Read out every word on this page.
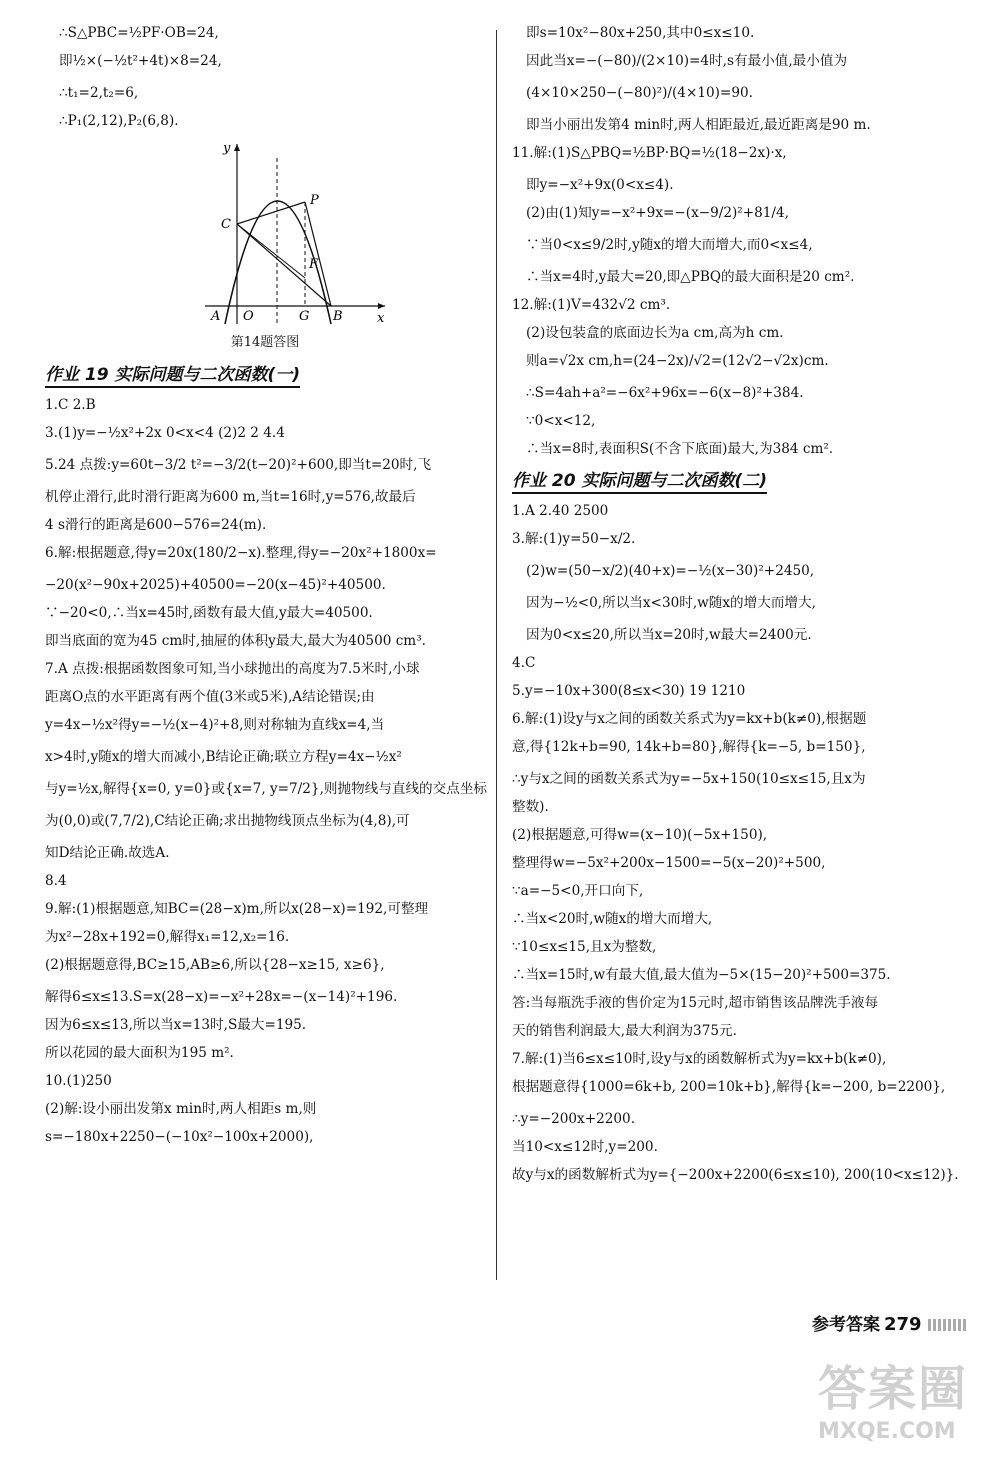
∴S△PBC=½PF·OB=24,
即½×(−½t²+4t)×8=24,
∴t₁=2,t₂=6,
∴P₁(2,12),P₂(6,8).
y
C
P
F
A O	G B	x
第14题答图
作业 19 实际问题与二次函数(一)
1.C 2.B
3.(1)y=−½x²+2x 0<x<4 (2)2 2 4.4
5.24 点拨:y=60t−3/2 t²=−3/2(t−20)²+600,即当t=20时,飞
机停止滑行,此时滑行距离为600 m,当t=16时,y=576,故最后
4 s滑行的距离是600−576=24(m).
6.解:根据题意,得y=20x(180/2−x).整理,得y=−20x²+1800x=
−20(x²−90x+2025)+40500=−20(x−45)²+40500.
∵−20<0,∴当x=45时,函数有最大值,y最大=40500.
即当底面的宽为45 cm时,抽屉的体积y最大,最大为40500 cm³.
7.A 点拨:根据函数图象可知,当小球抛出的高度为7.5米时,小球
距离O点的水平距离有两个值(3米或5米),A结论错误;由
y=4x−½x²得y=−½(x−4)²+8,则对称轴为直线x=4,当
x>4时,y随x的增大而减小,B结论正确;联立方程y=4x−½x²
与y=½x,解得{x=0, y=0}或{x=7, y=7/2},则抛物线与直线的交点坐标
为(0,0)或(7,7/2),C结论正确;求出抛物线顶点坐标为(4,8),可
知D结论正确.故选A.
8.4
9.解:(1)根据题意,知BC=(28−x)m,所以x(28−x)=192,可整理
为x²−28x+192=0,解得x₁=12,x₂=16.
(2)根据题意得,BC≥15,AB≥6,所以{28−x≥15, x≥6},
解得6≤x≤13.S=x(28−x)=−x²+28x=−(x−14)²+196.
因为6≤x≤13,所以当x=13时,S最大=195.
所以花园的最大面积为195 m².
10.(1)250
(2)解:设小丽出发第x min时,两人相距s m,则
s=−180x+2250−(−10x²−100x+2000),
即s=10x²−80x+250,其中0≤x≤10.
因此当x=−(−80)/(2×10)=4时,s有最小值,最小值为
(4×10×250−(−80)²)/(4×10)=90.
即当小丽出发第4 min时,两人相距最近,最近距离是90 m.
11.解:(1)S△PBQ=½BP·BQ=½(18−2x)·x,
即y=−x²+9x(0<x≤4).
(2)由(1)知y=−x²+9x=−(x−9/2)²+81/4,
∵当0<x≤9/2时,y随x的增大而增大,而0<x≤4,
∴当x=4时,y最大=20,即△PBQ的最大面积是20 cm².
12.解:(1)V=432√2 cm³.
(2)设包装盒的底面边长为a cm,高为h cm.
则a=√2x cm,h=(24−2x)/√2=(12√2−√2x)cm.
∴S=4ah+a²=−6x²+96x=−6(x−8)²+384.
∵0<x<12,
∴当x=8时,表面积S(不含下底面)最大,为384 cm².
作业 20 实际问题与二次函数(二)
1.A 2.40 2500
3.解:(1)y=50−x/2.
(2)w=(50−x/2)(40+x)=−½(x−30)²+2450,
因为−½<0,所以当x<30时,w随x的增大而增大,
因为0<x≤20,所以当x=20时,w最大=2400元.
4.C
5.y=−10x+300(8≤x<30) 19 1210
6.解:(1)设y与x之间的函数关系式为y=kx+b(k≠0),根据题
意,得{12k+b=90, 14k+b=80},解得{k=−5, b=150},
∴y与x之间的函数关系式为y=−5x+150(10≤x≤15,且x为
整数).
(2)根据题意,可得w=(x−10)(−5x+150),
整理得w=−5x²+200x−1500=−5(x−20)²+500,
∵a=−5<0,开口向下,
∴当x<20时,w随x的增大而增大,
∵10≤x≤15,且x为整数,
∴当x=15时,w有最大值,最大值为−5×(15−20)²+500=375.
答:当每瓶洗手液的售价定为15元时,超市销售该品牌洗手液每
天的销售利润最大,最大利润为375元.
7.解:(1)当6≤x≤10时,设y与x的函数解析式为y=kx+b(k≠0),
根据题意得{1000=6k+b, 200=10k+b},解得{k=−200, b=2200},
∴y=−200x+2200.
当10<x≤12时,y=200.
故y与x的函数解析式为y={−200x+2200(6≤x≤10), 200(10<x≤12)}.
参考答案 279
答案圈
MXQE.COM
